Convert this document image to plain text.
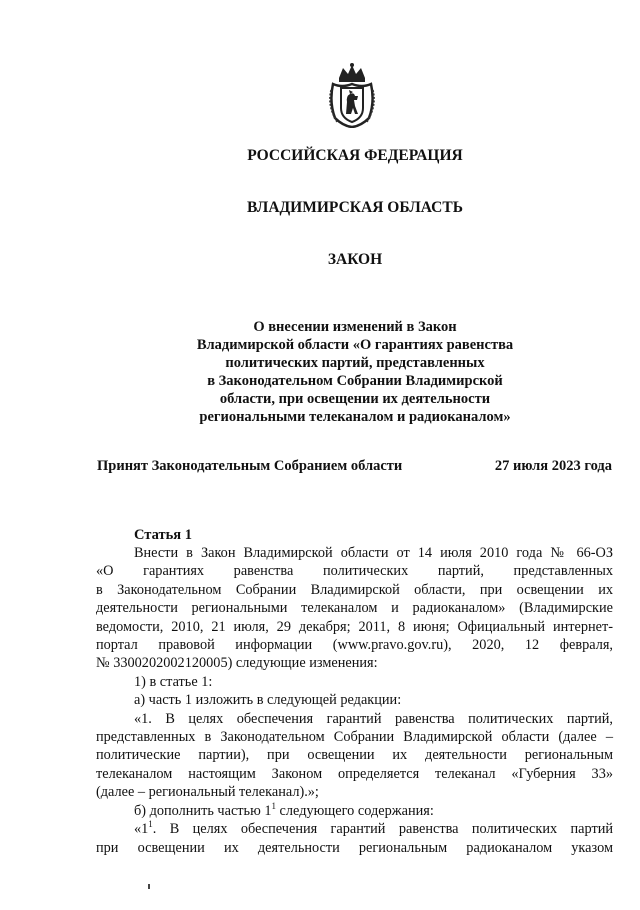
РОССИЙСКАЯ ФЕДЕРАЦИЯ
ВЛАДИМИРСКАЯ ОБЛАСТЬ
ЗАКОН
О внесении изменений в Закон
Владимирской области «О гарантиях равенства
политических партий, представленных
в Законодательном Собрании Владимирской
области, при освещении их деятельности
региональными телеканалом и радиоканалом»
Принят Законодательным Собранием области	27 июля 2023 года
Статья 1

Внести в Закон Владимирской области от 14 июля 2010 года № 66-ОЗ

«О гарантиях равенства политических партий, представленных

в Законодательном Собрании Владимирской области, при освещении их

деятельности региональными телеканалом и радиоканалом» (Владимирские

ведомости, 2010, 21 июля, 29 декабря; 2011, 8 июня; Официальный интернет-

портал правовой информации (www.pravo.gov.ru), 2020, 12 февраля,

№ 3300202002120005) следующие изменения:

1) в статье 1:

а) часть 1 изложить в следующей редакции:

«1. В целях обеспечения гарантий равенства политических партий,

представленных в Законодательном Собрании Владимирской области (далее –

политические партии), при освещении их деятельности региональным

телеканалом настоящим Законом определяется телеканал «Губерния 33»

(далее – региональный телеканал).»;

б) дополнить частью $1^1$ следующего содержания:

«$1^1$. В целях обеспечения гарантий равенства политических партий

при освещении их деятельности региональным радиоканалом указом
